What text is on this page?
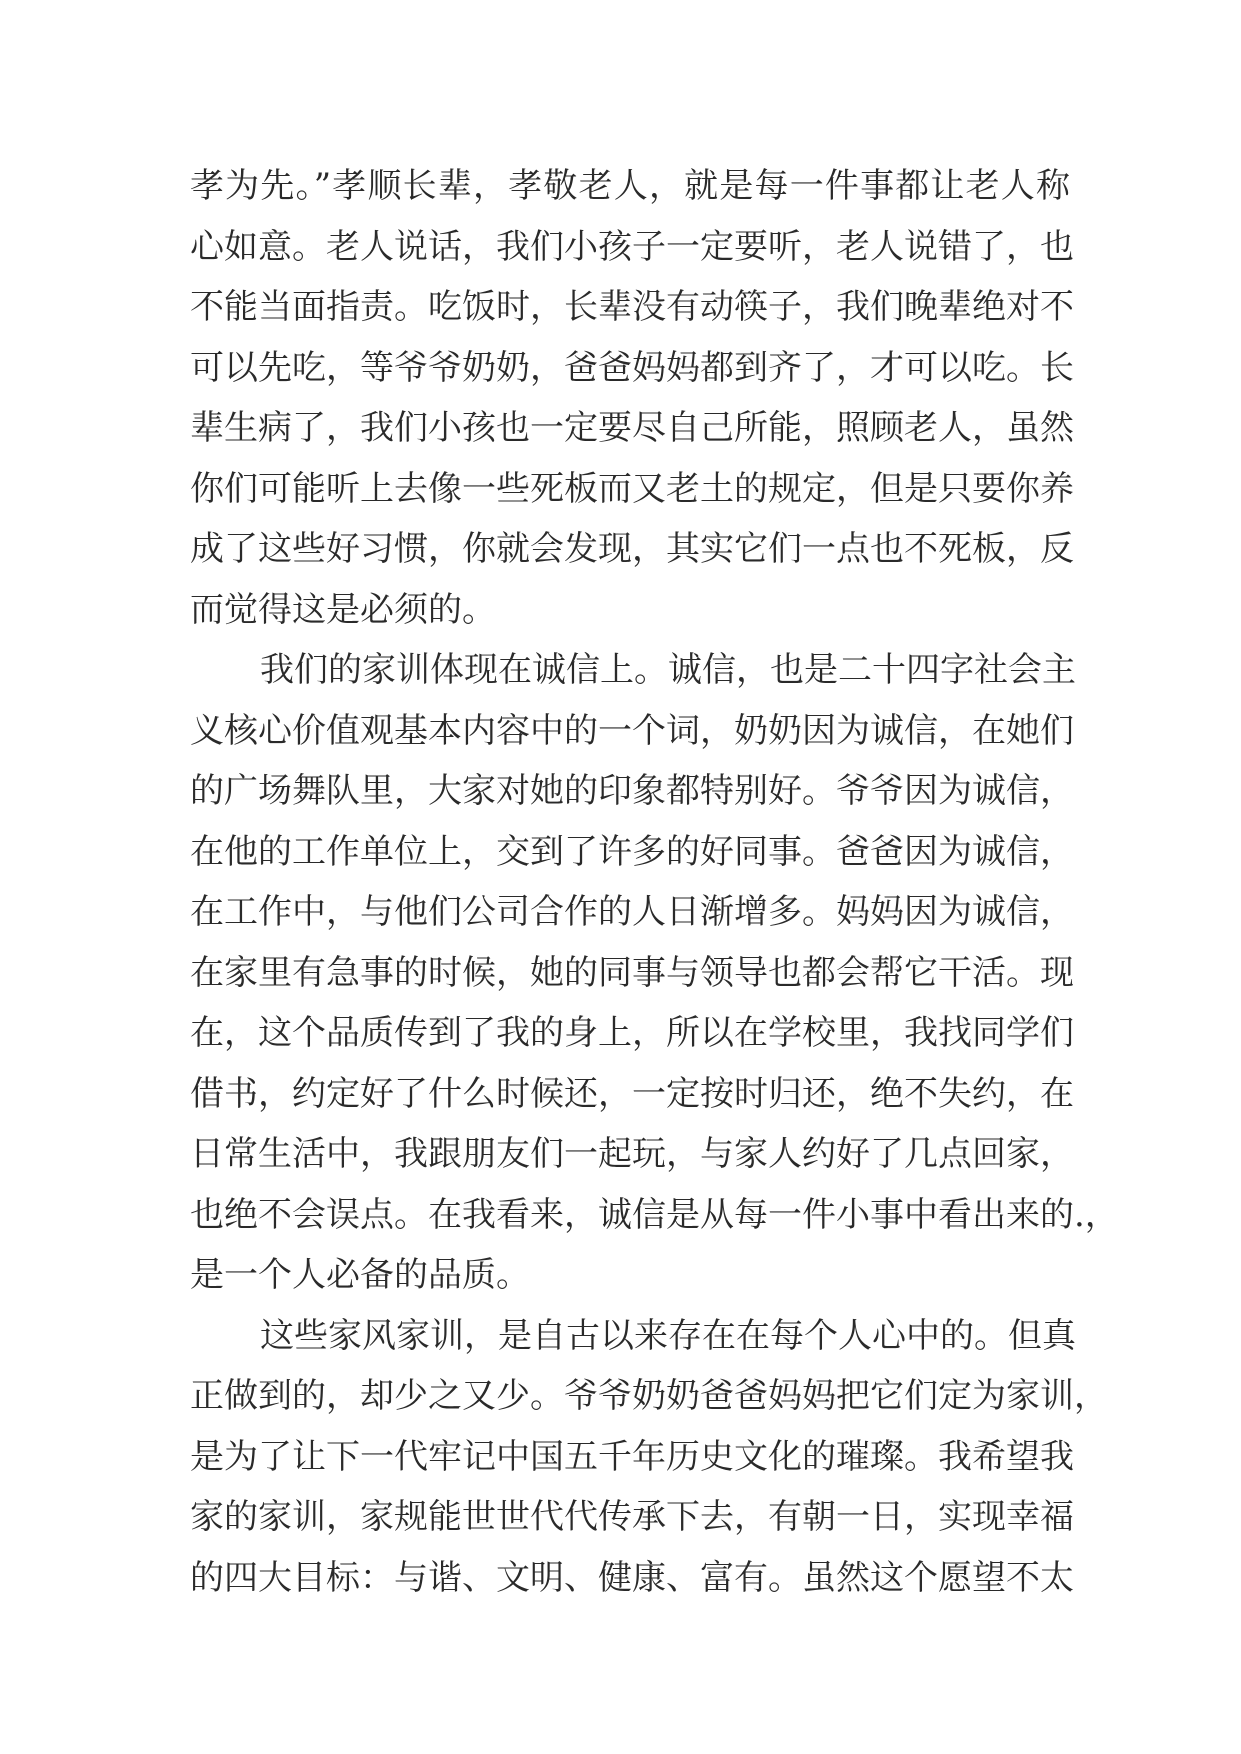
孝为先。”孝顺长辈，孝敬老人，就是每一件事都让老人称
心如意。老人说话，我们小孩子一定要听，老人说错了，也
不能当面指责。吃饭时，长辈没有动筷子，我们晚辈绝对不
可以先吃，等爷爷奶奶，爸爸妈妈都到齐了，才可以吃。长
辈生病了，我们小孩也一定要尽自己所能，照顾老人，虽然
你们可能听上去像一些死板而又老土的规定，但是只要你养
成了这些好习惯，你就会发现，其实它们一点也不死板，反
而觉得这是必须的。
我们的家训体现在诚信上。诚信，也是二十四字社会主
义核心价值观基本内容中的一个词，奶奶因为诚信，在她们
的广场舞队里，大家对她的印象都特别好。爷爷因为诚信，
在他的工作单位上，交到了许多的好同事。爸爸因为诚信，
在工作中，与他们公司合作的人日渐增多。妈妈因为诚信，
在家里有急事的时候，她的同事与领导也都会帮它干活。现
在，这个品质传到了我的身上，所以在学校里，我找同学们
借书，约定好了什么时候还，一定按时归还，绝不失约，在
日常生活中，我跟朋友们一起玩，与家人约好了几点回家，
也绝不会误点。在我看来，诚信是从每一件小事中看出来的.，
是一个人必备的品质。
这些家风家训，是自古以来存在在每个人心中的。但真
正做到的，却少之又少。爷爷奶奶爸爸妈妈把它们定为家训，
是为了让下一代牢记中国五千年历史文化的璀璨。我希望我
家的家训，家规能世世代代传承下去，有朝一日，实现幸福
的四大目标：与谐、文明、健康、富有。虽然这个愿望不太
